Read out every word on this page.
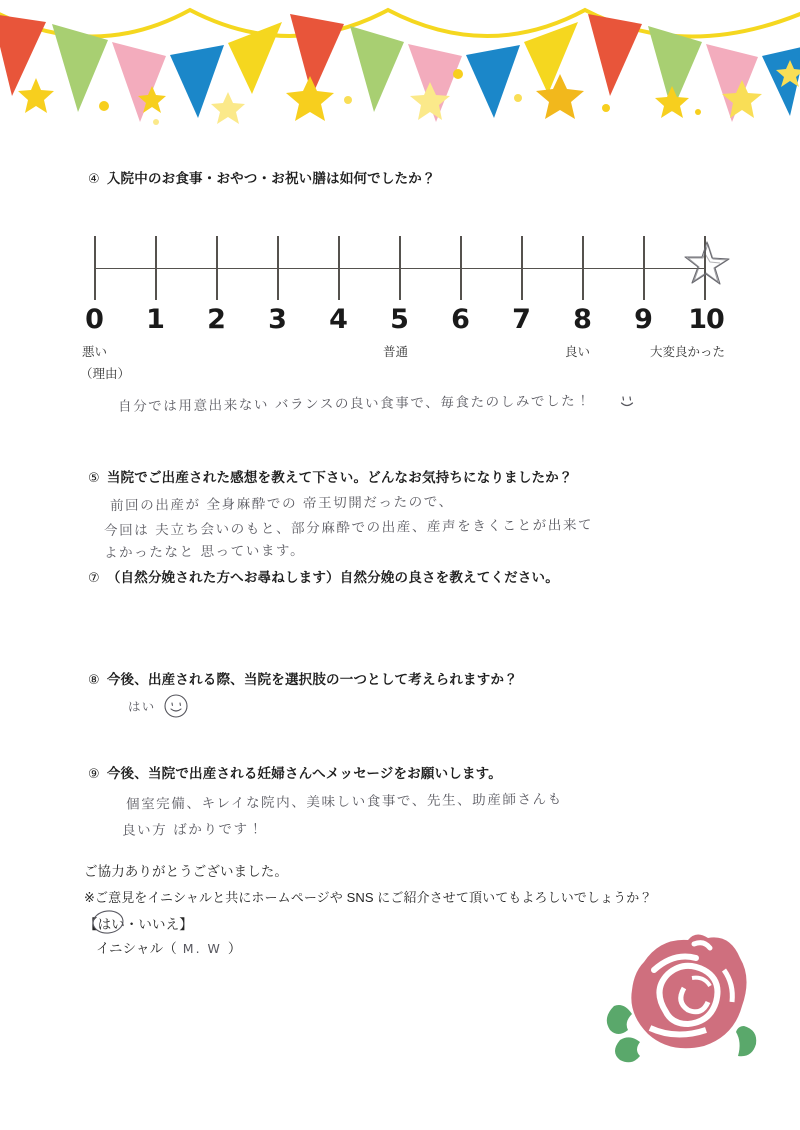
④ 入院中のお食事・おやつ・お祝い膳は如何でしたか？
0 1 2 3 4 5 6 7 8 9 10
悪い	普通	良い	大変良かった
（理由）
自分では用意出来ない バランスの良い食事で、毎食たのしみでした！
⑤ 当院でご出産された感想を教えて下さい。どんなお気持ちになりましたか？
前回の出産が 全身麻酔での 帝王切開だったので、
今回は 夫立ち会いのもと、部分麻酔での出産、産声をきくことが出来て
よかったなと 思っています。
⑦ （自然分娩された方へお尋ねします）自然分娩の良さを教えてください。
⑧ 今後、出産される際、当院を選択肢の一つとして考えられますか？
はい
⑨ 今後、当院で出産される妊婦さんへメッセージをお願いします。
個室完備、キレイな院内、美味しい食事で、先生、助産師さんも
良い方 ばかりです！
ご協力ありがとうございました。
※ご意見をイニシャルと共にホームページや SNS にご紹介させて頂いてもよろしいでしょうか？
【はい・いいえ】
イニシャル（ M. W ）
